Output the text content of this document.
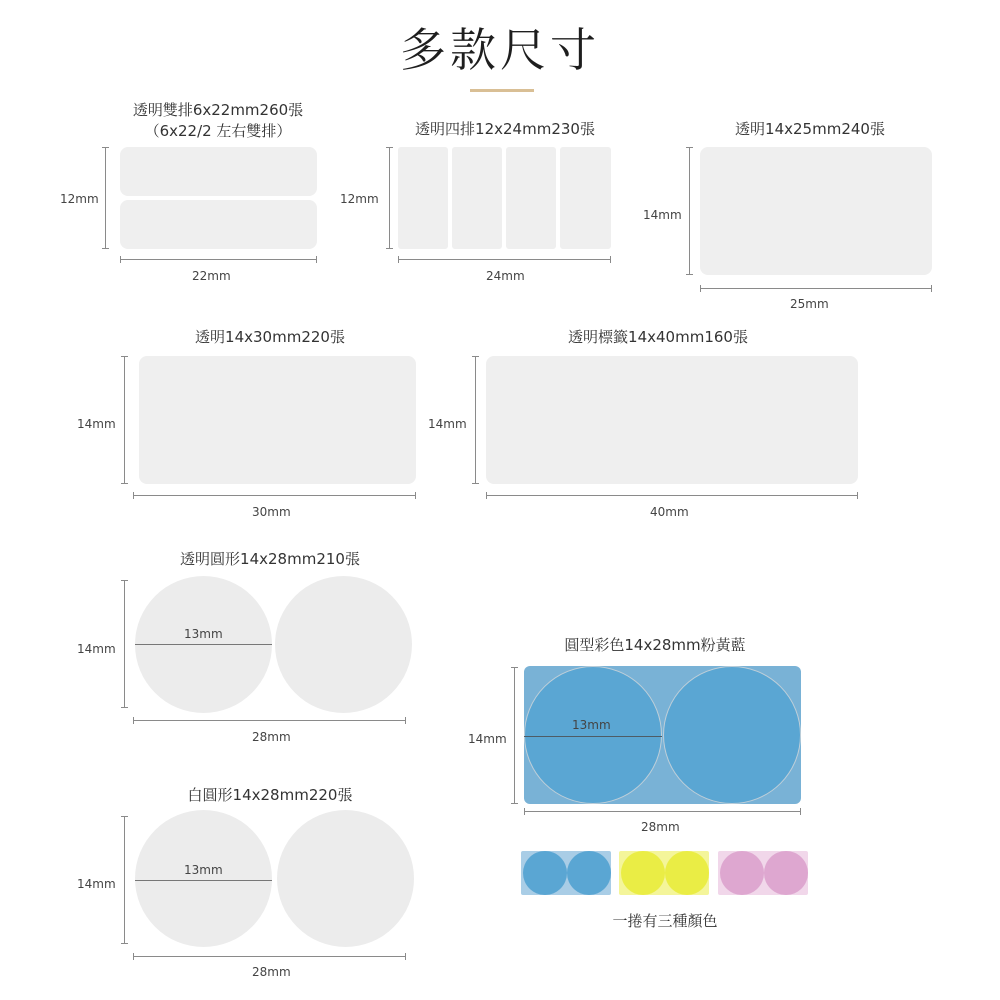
多款尺寸
透明雙排6x22mm260張
（6x22/2 左右雙排）
12mm
22mm
透明四排12x24mm230張
12mm
24mm
透明14x25mm240張
14mm
25mm
透明14x30mm220張
14mm
30mm
透明標籤14x40mm160張
14mm
40mm
透明圓形14x28mm210張
14mm
13mm
28mm
白圓形14x28mm220張
14mm
13mm
28mm
圓型彩色14x28mm粉黃藍
14mm
13mm
28mm
一捲有三種顏色
